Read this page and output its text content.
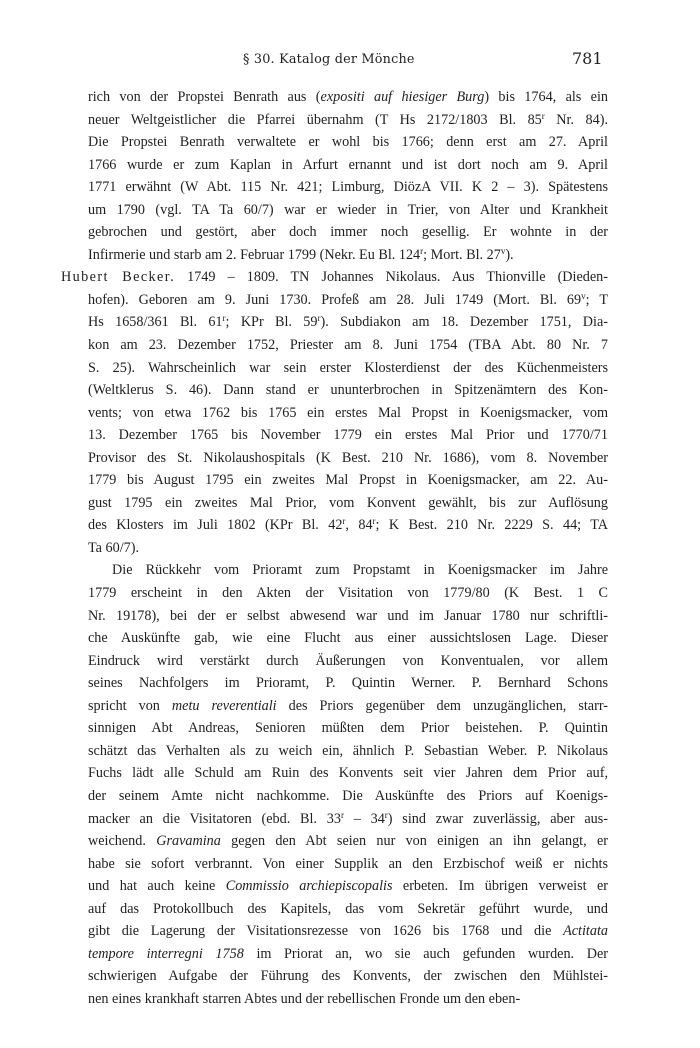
§ 30. Katalog der Mönche	781
rich von der Propstei Benrath aus (expositi auf hiesiger Burg) bis 1764, als ein
neuer Weltgeistlicher die Pfarrei übernahm (T Hs 2172/1803 Bl. 85$^r$ Nr. 84).
Die Propstei Benrath verwaltete er wohl bis 1766; denn erst am 27. April
1766 wurde er zum Kaplan in Arfurt ernannt und ist dort noch am 9. April
1771 erwähnt (W Abt. 115 Nr. 421; Limburg, DiözA VII. K 2 – 3). Spätestens
um 1790 (vgl. TA Ta 60/7) war er wieder in Trier, von Alter und Krankheit
gebrochen und gestört, aber doch immer noch gesellig. Er wohnte in der
Infirmerie und starb am 2. Februar 1799 (Nekr. Eu Bl. 124$^r$; Mort. Bl. 27$^v$).
Hubert Becker. 1749 – 1809. TN Johannes Nikolaus. Aus Thionville (Dieden-
hofen). Geboren am 9. Juni 1730. Profeß am 28. Juli 1749 (Mort. Bl. 69$^v$; T
Hs 1658/361 Bl. 61$^r$; KPr Bl. 59$^r$). Subdiakon am 18. Dezember 1751, Dia-
kon am 23. Dezember 1752, Priester am 8. Juni 1754 (TBA Abt. 80 Nr. 7
S. 25). Wahrscheinlich war sein erster Klosterdienst der des Küchenmeisters
(Weltklerus S. 46). Dann stand er ununterbrochen in Spitzenämtern des Kon-
vents; von etwa 1762 bis 1765 ein erstes Mal Propst in Koenigsmacker, vom
13. Dezember 1765 bis November 1779 ein erstes Mal Prior und 1770/71
Provisor des St. Nikolaushospitals (K Best. 210 Nr. 1686), vom 8. November
1779 bis August 1795 ein zweites Mal Propst in Koenigsmacker, am 22. Au-
gust 1795 ein zweites Mal Prior, vom Konvent gewählt, bis zur Auflösung
des Klosters im Juli 1802 (KPr Bl. 42$^r$, 84$^r$; K Best. 210 Nr. 2229 S. 44; TA
Ta 60/7).
Die Rückkehr vom Prioramt zum Propstamt in Koenigsmacker im Jahre
1779 erscheint in den Akten der Visitation von 1779/80 (K Best. 1 C
Nr. 19178), bei der er selbst abwesend war und im Januar 1780 nur schriftli-
che Auskünfte gab, wie eine Flucht aus einer aussichtslosen Lage. Dieser
Eindruck wird verstärkt durch Äußerungen von Konventualen, vor allem
seines Nachfolgers im Prioramt, P. Quintin Werner. P. Bernhard Schons
spricht von metu reverentiali des Priors gegenüber dem unzugänglichen, starr-
sinnigen Abt Andreas, Senioren müßten dem Prior beistehen. P. Quintin
schätzt das Verhalten als zu weich ein, ähnlich P. Sebastian Weber. P. Nikolaus
Fuchs lädt alle Schuld am Ruin des Konvents seit vier Jahren dem Prior auf,
der seinem Amte nicht nachkomme. Die Auskünfte des Priors auf Koenigs-
macker an die Visitatoren (ebd. Bl. 33$^r$ – 34$^r$) sind zwar zuverlässig, aber aus-
weichend. Gravamina gegen den Abt seien nur von einigen an ihn gelangt, er
habe sie sofort verbrannt. Von einer Supplik an den Erzbischof weiß er nichts
und hat auch keine Commissio archiepiscopalis erbeten. Im übrigen verweist er
auf das Protokollbuch des Kapitels, das vom Sekretär geführt wurde, und
gibt die Lagerung der Visitationsrezesse von 1626 bis 1768 und die Actitata
tempore interregni 1758 im Priorat an, wo sie auch gefunden wurden. Der
schwierigen Aufgabe der Führung des Konvents, der zwischen den Mühlstei-
nen eines krankhaft starren Abtes und der rebellischen Fronde um den eben-
